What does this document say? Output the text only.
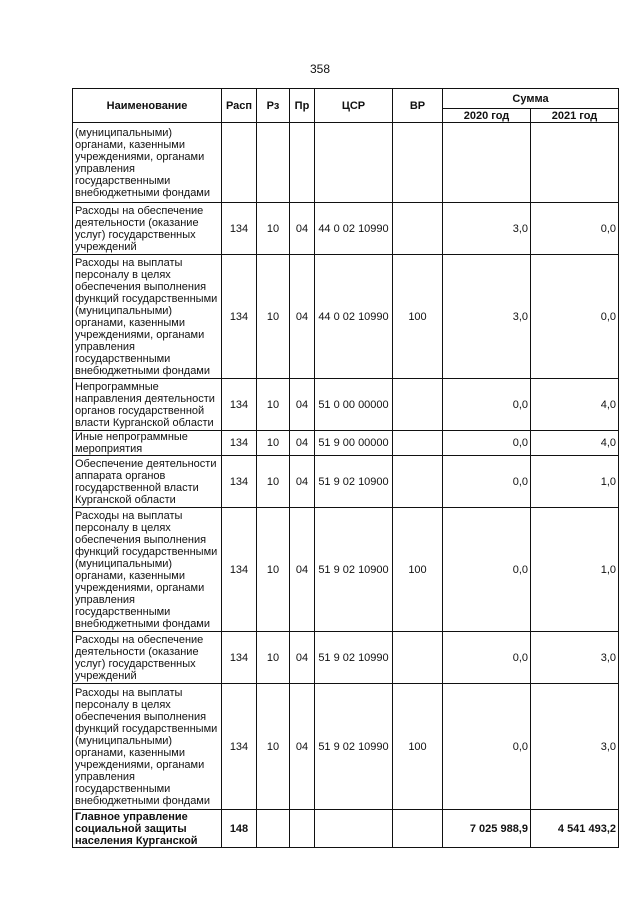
358
Наименование	Расп	Рз	Пр	ЦСР	ВР	Сумма	
						2020 год	2021 год
(муниципальными) органами, казенными учреждениями, органами управления государственными внебюджетными фондами							
Расходы на обеспечение деятельности (оказание услуг) государственных учреждений	134	10	04	44 0 02 10990		3,0	0,0
Расходы на выплаты персоналу в целях обеспечения выполнения функций государственными (муниципальными) органами, казенными учреждениями, органами управления государственными внебюджетными фондами	134	10	04	44 0 02 10990	100	3,0	0,0
Непрограммные направления деятельности органов государственной власти Курганской области	134	10	04	51 0 00 00000		0,0	4,0
Иные непрограммные мероприятия	134	10	04	51 9 00 00000		0,0	4,0
Обеспечение деятельности аппарата органов государственной власти Курганской области	134	10	04	51 9 02 10900		0,0	1,0
Расходы на выплаты персоналу в целях обеспечения выполнения функций государственными (муниципальными) органами, казенными учреждениями, органами управления государственными внебюджетными фондами	134	10	04	51 9 02 10900	100	0,0	1,0
Расходы на обеспечение деятельности (оказание услуг) государственных учреждений	134	10	04	51 9 02 10990		0,0	3,0
Расходы на выплаты персоналу в целях обеспечения выполнения функций государственными (муниципальными) органами, казенными учреждениями, органами управления государственными внебюджетными фондами	134	10	04	51 9 02 10990	100	0,0	3,0
Главное управление социальной защиты населения Курганской	148					7 025 988,9	4 541 493,2
